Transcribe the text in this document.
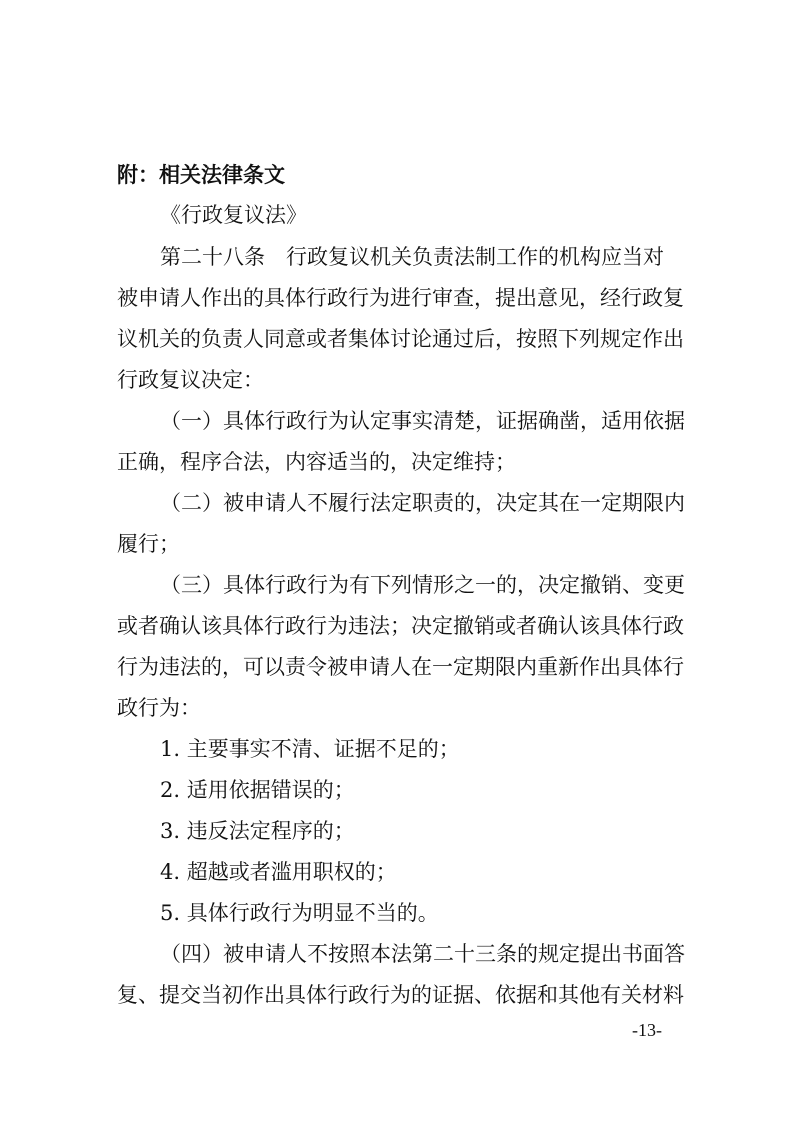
附：相关法律条文
《行政复议法》
第二十八条　行政复议机关负责法制工作的机构应当对
被申请人作出的具体行政行为进行审查，提出意见，经行政复
议机关的负责人同意或者集体讨论通过后，按照下列规定作出
行政复议决定：
（一）具体行政行为认定事实清楚，证据确凿，适用依据
正确，程序合法，内容适当的，决定维持；
（二）被申请人不履行法定职责的，决定其在一定期限内
履行；
（三）具体行政行为有下列情形之一的，决定撤销、变更
或者确认该具体行政行为违法；决定撤销或者确认该具体行政
行为违法的，可以责令被申请人在一定期限内重新作出具体行
政行为：
1. 主要事实不清、证据不足的；
2. 适用依据错误的；
3. 违反法定程序的；
4. 超越或者滥用职权的；
5. 具体行政行为明显不当的。
（四）被申请人不按照本法第二十三条的规定提出书面答
复、提交当初作出具体行政行为的证据、依据和其他有关材料
-13-
